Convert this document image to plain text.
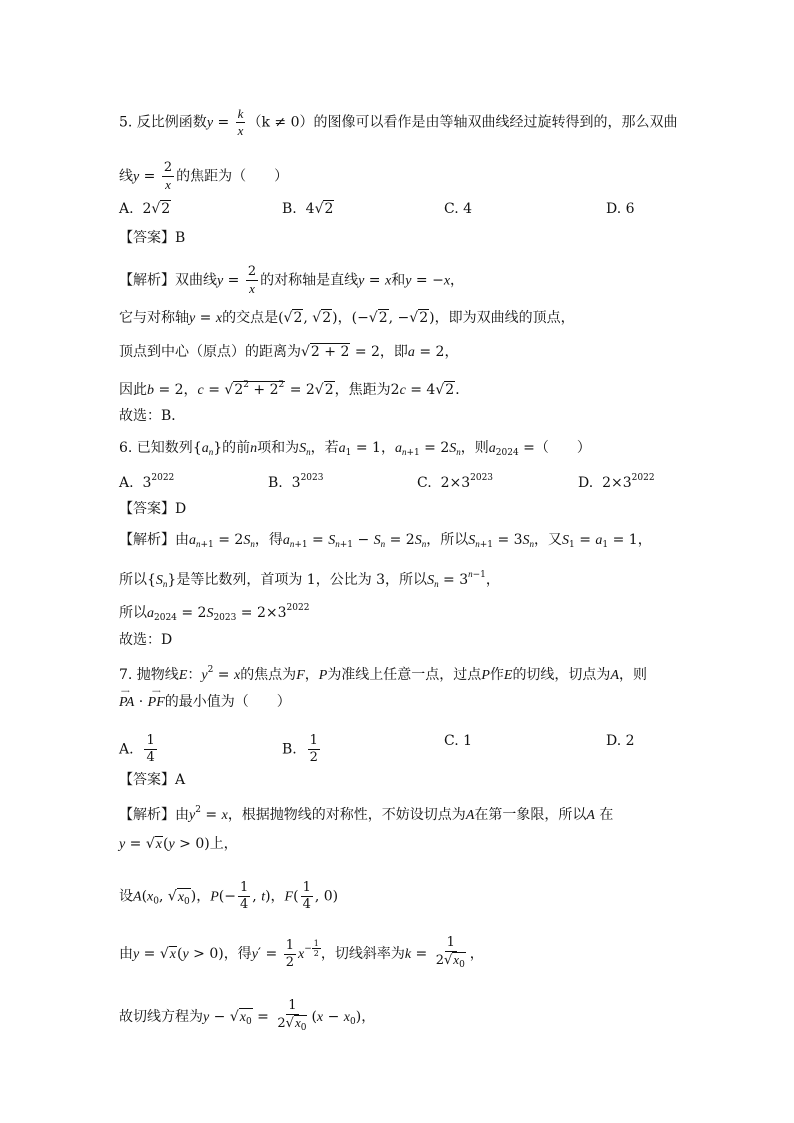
5. 反比例函数$y = \frac{k}{x} (k \ne 0)$的图像可以看作是由等轴双曲线经过旋转得到的，那么双曲
线$y = \frac{2}{x}$ 的焦距为（　　）
A.  2√2	B.  4√2	C. 4	D. 6
【答案】B
【解析】双曲线$y = \frac{2}{x}$ 的对称轴是直线y = x和y = −x，
它与对称轴y = x的交点是(√2, √2)，(−√2, −√2)，即为双曲线的顶点，
顶点到中心（原点）的距离为√2 + 2 = 2，即a = 2，
因此b = 2，$c = √2^2 + 2^2 = 2√2$，焦距为2c = 4√2．
故选：B．
6. 已知数列$\{a_n\}$的前n项和为$S_n$，若$a_1 = 1$，$a_{n+1} = 2S_n$，则$a_{2024}$ =（　　）
A.  $3^{2022}$	B.  $3^{2023}$	C.  $2\times 3^{2023}$	D.  $2\times 3^{2022}$
【答案】D
【解析】由$a_{n+1} = 2S_n$，得$a_{n+1} = S_{n+1} - S_n = 2S_n$，所以$S_{n+1} = 3S_n$，又$S_1 = a_1 = 1$，
所以$\{S_n\}$是等比数列，首项为 1，公比为 3，所以$S_n = 3^{n-1}$，
所以$a_{2024} = 2S_{2023} = 2\times 3^{2022}$
故选：D
7. 抛物线E：$y^2 = x$的焦点为F，P为准线上任意一点，过点P作E的切线，切点为A，则
PA · PF的最小值为（　　）
⟶	⟶
A. $\frac{1}{4}$	B. $\frac{1}{2}$	C. 1	D. 2
【答案】A
【解析】由$y^2 = x$，根据抛物线的对称性，不妨设切点为A在第一象限，所以A 在
y = √x(y > 0)上，
设$A(x_0$, $√x_0$)，$P(- \frac{1}{4}$ , t)，$F( \frac{1}{4}$ , 0)
由y = √x(y > 0)，得$y' = \frac{1}{2} x^{- \frac{1}{2}}$ ，切线斜率为$k = \frac{1}{2√x_0}$ ，
故切线方程为$y - √x_0 = \frac{1}{2√x_0} (x - x_0)$，
